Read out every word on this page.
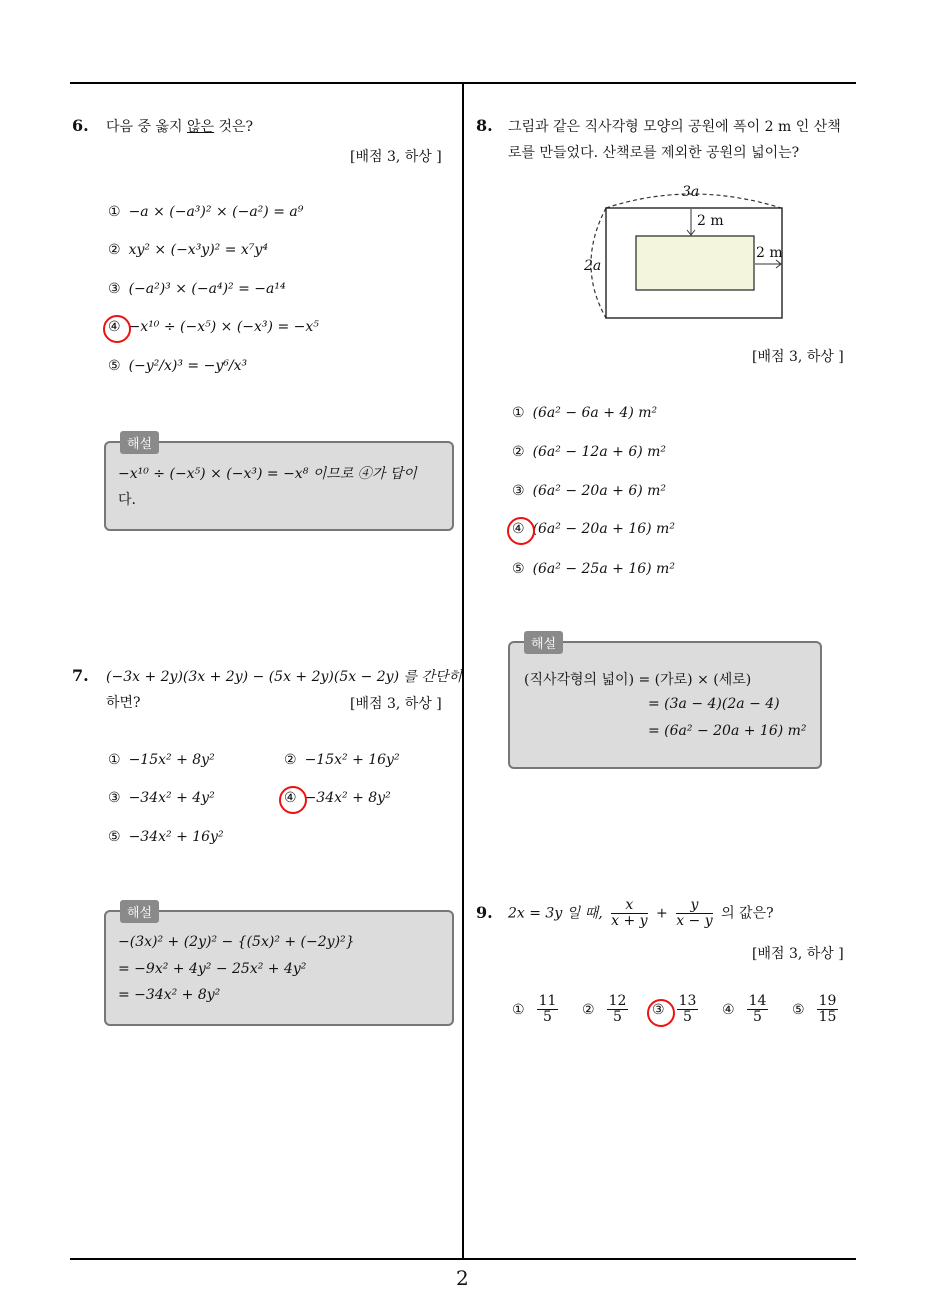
2
6. 다음 중 옳지 않은 것은?
[배점 3, 하상 ]
① −a × (−a³)² × (−a²) = a⁹
② xy² × (−x³y)² = x⁷y⁴
③ (−a²)³ × (−a⁴)² = −a¹⁴
④ −x¹⁰ ÷ (−x⁵) × (−x³) = −x⁵
⑤ (−y²/x)³ = −y⁶/x³
해설
−x¹⁰ ÷ (−x⁵) × (−x³) = −x⁸ 이므로 ④가 답이
다.
7. (−3x + 2y)(3x + 2y) − (5x + 2y)(5x − 2y) 를 간단히
하면?	[배점 3, 하상 ]
① −15x² + 8y²	② −15x² + 16y²
③ −34x² + 4y²	④ −34x² + 8y²
⑤ −34x² + 16y²
해설
−(3x)² + (2y)² − {(5x)² + (−2y)²}
= −9x² + 4y² − 25x² + 4y²
= −34x² + 8y²
8. 그림과 같은 직사각형 모양의 공원에 폭이 2 m 인 산책
로를 만들었다. 산책로를 제외한 공원의 넓이는?
3a
2a
2 m
2 m
[배점 3, 하상 ]
① (6a² − 6a + 4) m²
② (6a² − 12a + 6) m²
③ (6a² − 20a + 6) m²
④ (6a² − 20a + 16) m²
⑤ (6a² − 25a + 16) m²
해설
(직사각형의 넓이) = (가로) × (세로)
= (3a − 4)(2a − 4)
= (6a² − 20a + 16) m²
9. 2x = 3y 일 때, $\frac{x}{x + y} + \frac{y}{x - y}$ 의 값은?
[배점 3, 하상 ]
① $\frac{11}{5}$ ② $\frac{12}{5}$ ③ $\frac{13}{5}$ ④ $\frac{14}{5}$ ⑤ $\frac{19}{15}$
